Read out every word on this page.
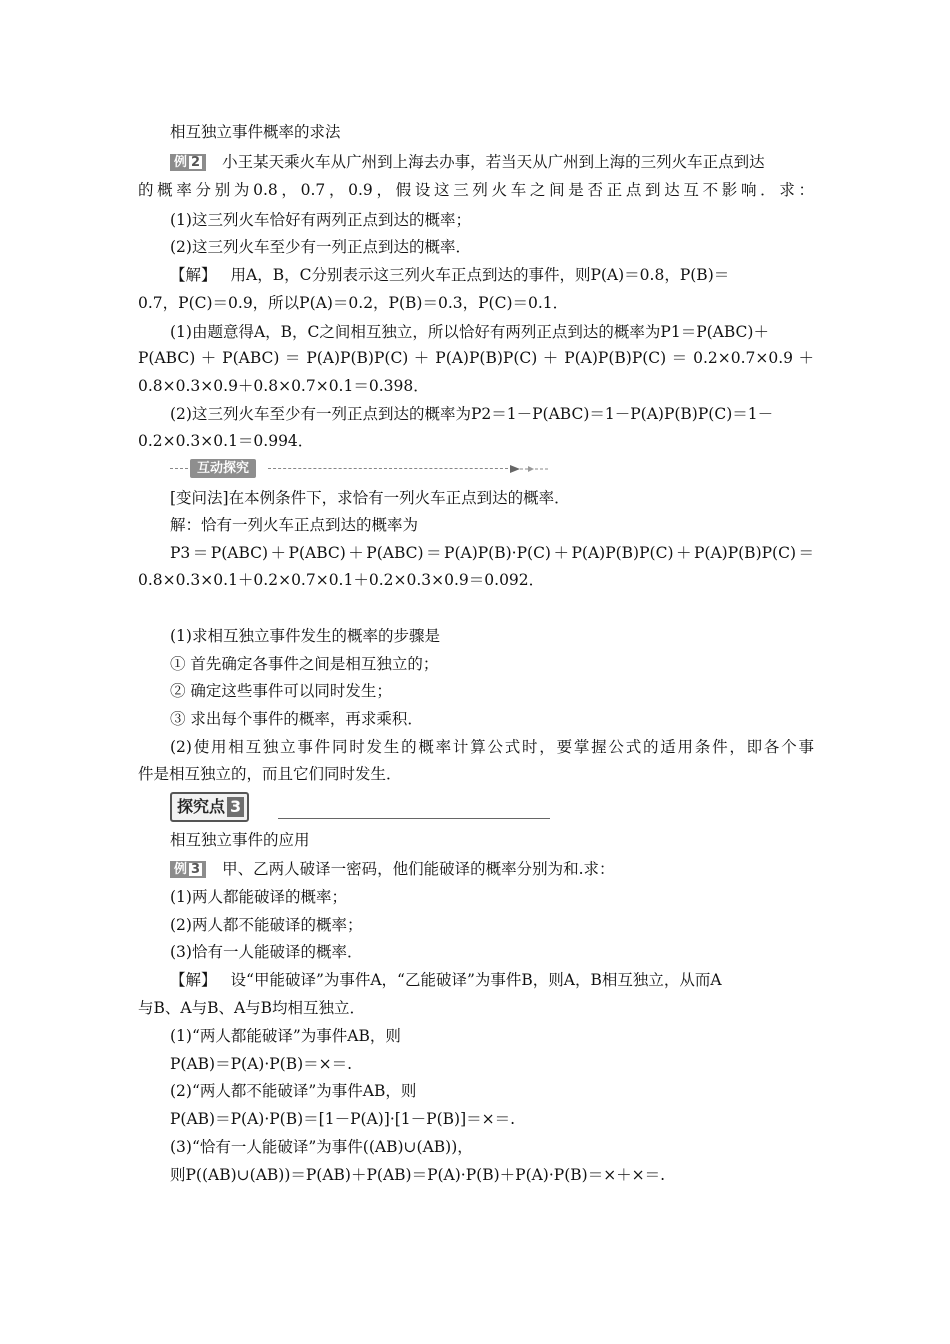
相互独立事件概率的求法
例 2 小王某天乘火车从广州到上海去办事，若当天从广州到上海的三列火车正点到达
的概率分别为0.8，0.7，0.9，假设这三列火车之间是否正点到达互不影响．求：
(1)这三列火车恰好有两列正点到达的概率；
(2)这三列火车至少有一列正点到达的概率．
【解】 用A，B，C分别表示这三列火车正点到达的事件，则P(A)＝0.8，P(B)＝
0.7，P(C)＝0.9，所以P(A)＝0.2，P(B)＝0.3，P(C)＝0.1．
(1)由题意得A，B，C之间相互独立，所以恰好有两列正点到达的概率为P1＝P(ABC)＋
P(ABC) ＋ P(ABC) ＝ P(A)P(B)P(C) ＋ P(A)P(B)P(C) ＋ P(A)P(B)P(C) ＝ 0.2×0.7×0.9 ＋
0.8×0.3×0.9＋0.8×0.7×0.1＝0.398．
(2)这三列火车至少有一列正点到达的概率为P2＝1－P(ABC)＝1－P(A)P(B)P(C)＝1－
0.2×0.3×0.1＝0.994．
互动探究
[变问法]在本例条件下，求恰有一列火车正点到达的概率．
解：恰有一列火车正点到达的概率为
P3＝P(ABC)＋P(ABC)＋P(ABC)＝P(A)P(B)·P(C)＋P(A)P(B)P(C)＋P(A)P(B)P(C)＝
0.8×0.3×0.1＋0.2×0.7×0.1＋0.2×0.3×0.9＝0.092．
(1)求相互独立事件发生的概率的步骤是
① 首先确定各事件之间是相互独立的；
② 确定这些事件可以同时发生；
③ 求出每个事件的概率，再求乘积．
(2)使用相互独立事件同时发生的概率计算公式时，要掌握公式的适用条件，即各个事
件是相互独立的，而且它们同时发生．
探究点 3
相互独立事件的应用
例 3 甲、乙两人破译一密码，他们能破译的概率分别为和.求：
(1)两人都能破译的概率；
(2)两人都不能破译的概率；
(3)恰有一人能破译的概率．
【解】 设“甲能破译”为事件A，“乙能破译”为事件B，则A，B相互独立，从而A
与B、A与B、A与B均相互独立．
(1)“两人都能破译”为事件AB，则
P(AB)＝P(A)·P(B)＝×＝.
(2)“两人都不能破译”为事件AB，则
P(AB)＝P(A)·P(B)＝[1－P(A)]·[1－P(B)]＝×＝.
(3)“恰有一人能破译”为事件((AB)∪(AB))，
则P((AB)∪(AB))＝P(AB)＋P(AB)＝P(A)·P(B)＋P(A)·P(B)＝×＋×＝.
